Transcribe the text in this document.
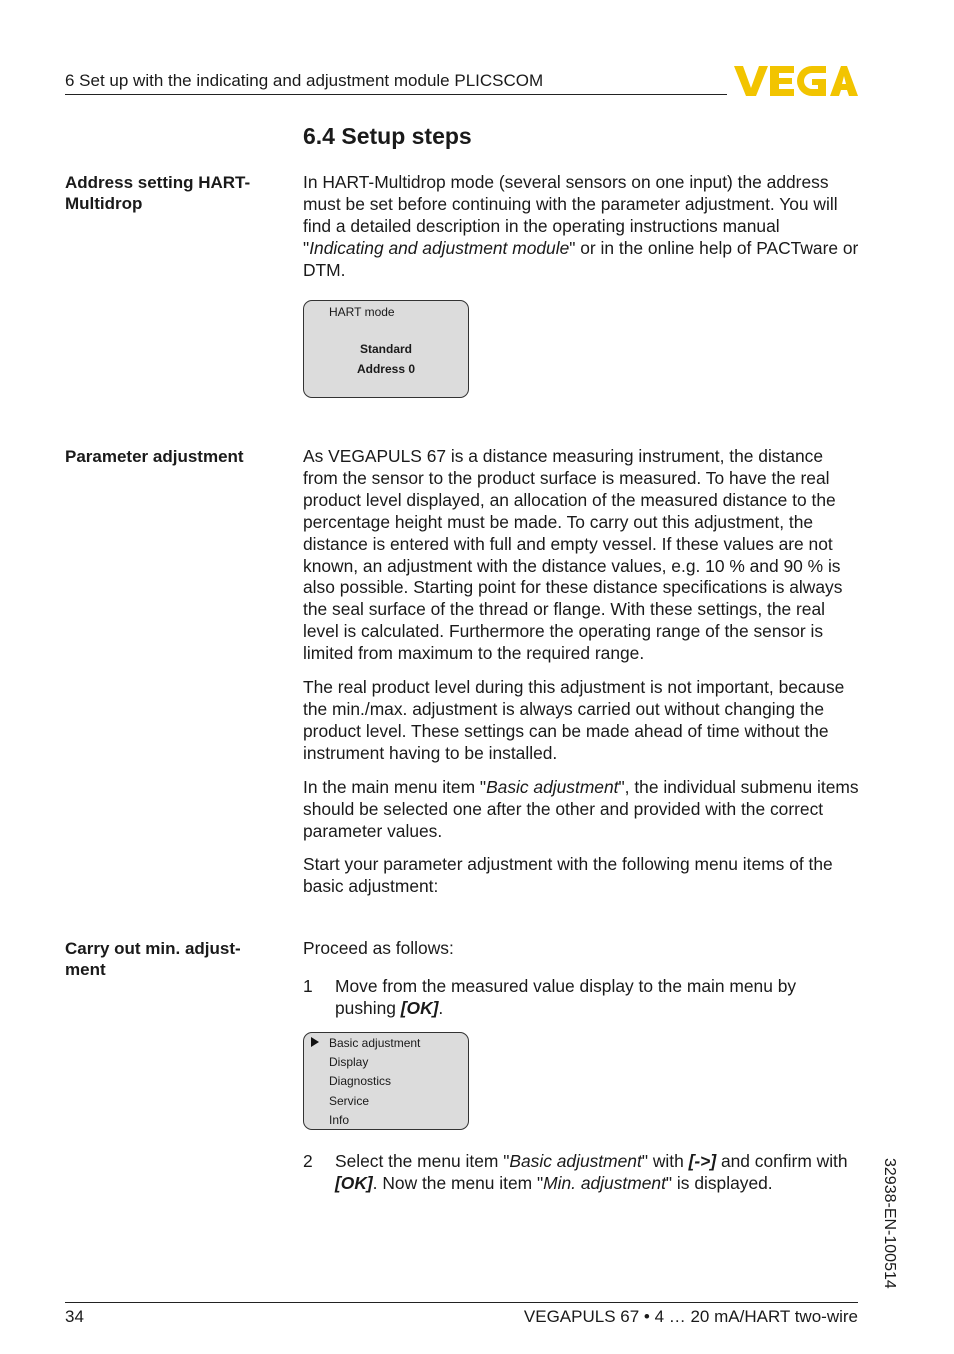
6 Set up with the indicating and adjustment module PLICSCOM
6.4 Setup steps
Address setting HART-Multidrop

In HART-Multidrop mode (several sensors on one input) the address must be set before continuing with the parameter adjustment. You will find a detailed description in the operating instructions manual "Indicating and adjustment module" or in the online help of PACTware or DTM.

HART mode
Standard
Address 0
Parameter adjustment	As VEGAPULS 67 is a distance measuring instrument, the distance from the sensor to the product surface is measured. To have the real product level displayed, an allocation of the measured distance to the percentage height must be made. To carry out this adjustment, the distance is entered with full and empty vessel. If these values are not known, an adjustment with the distance values, e.g. 10 % and 90 % is also possible. Starting point for these distance specifications is always the seal surface of the thread or flange. With these settings, the real level is calculated. Furthermore the operating range of the sensor is limited from maximum to the required range.

The real product level during this adjustment is not important, because the min./max. adjustment is always carried out without changing the product level. These settings can be made ahead of time without the instrument having to be installed.

In the main menu item "Basic adjustment", the individual submenu items should be selected one after the other and provided with the correct parameter values.

Start your parameter adjustment with the following menu items of the basic adjustment:

Carry out min. adjust-ment
Proceed as follows:
1 Move from the measured value display to the main menu by pushing [OK].
Basic adjustment
Display
Diagnostics
Service
Info
2 Select the menu item "Basic adjustment" with [->] and confirm with [OK]. Now the menu item "Min. adjustment" is displayed.	32938-EN-100514
34	VEGAPULS 67 • 4 … 20 mA/HART two-wire
